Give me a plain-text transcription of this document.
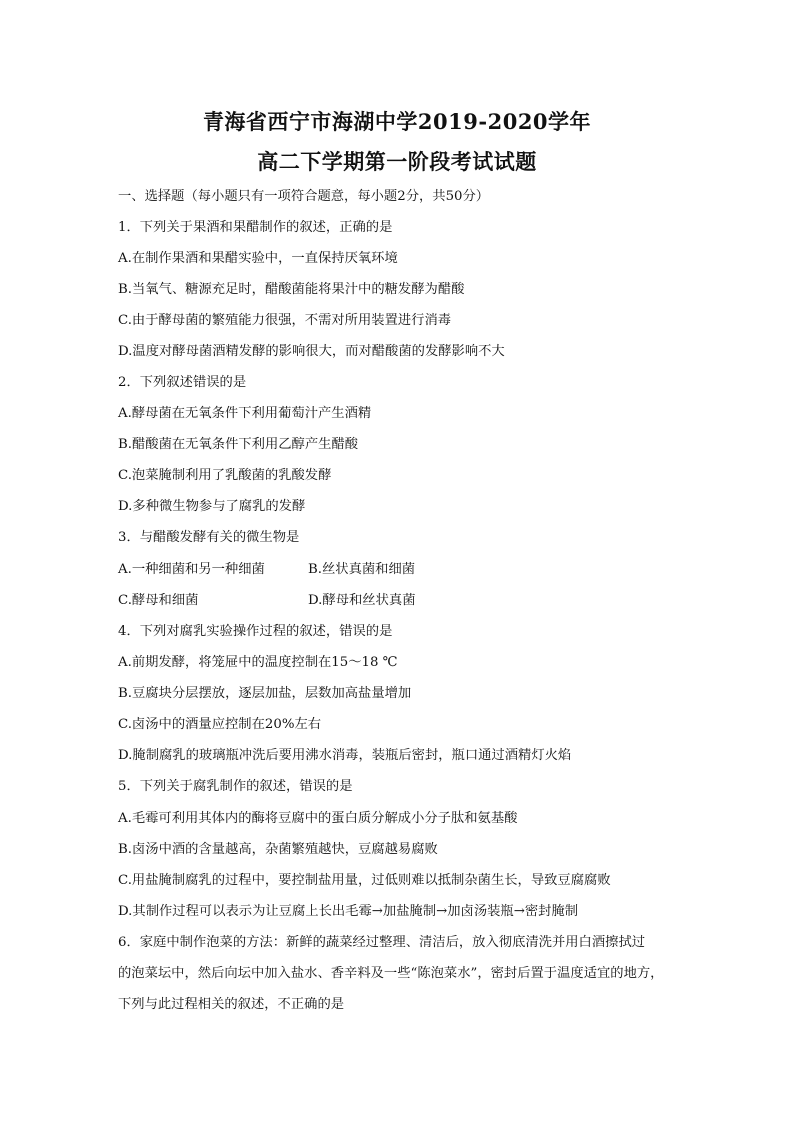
青海省西宁市海湖中学2019-2020学年
高二下学期第一阶段考试试题
一、选择题（每小题只有一项符合题意，每小题2分，共50分）
1．下列关于果酒和果醋制作的叙述，正确的是
A.在制作果酒和果醋实验中，一直保持厌氧环境
B.当氧气、糖源充足时，醋酸菌能将果汁中的糖发酵为醋酸
C.由于酵母菌的繁殖能力很强，不需对所用装置进行消毒
D.温度对酵母菌酒精发酵的影响很大，而对醋酸菌的发酵影响不大
2．下列叙述错误的是
A.酵母菌在无氧条件下利用葡萄汁产生酒精
B.醋酸菌在无氧条件下利用乙醇产生醋酸
C.泡菜腌制利用了乳酸菌的乳酸发酵
D.多种微生物参与了腐乳的发酵
3．与醋酸发酵有关的微生物是
A.一种细菌和另一种细菌	B.丝状真菌和细菌
C.酵母和细菌	D.酵母和丝状真菌
4．下列对腐乳实验操作过程的叙述，错误的是
A.前期发酵，将笼屉中的温度控制在15～18 ℃
B.豆腐块分层摆放，逐层加盐，层数加高盐量增加
C.卤汤中的酒量应控制在20%左右
D.腌制腐乳的玻璃瓶冲洗后要用沸水消毒，装瓶后密封，瓶口通过酒精灯火焰
5．下列关于腐乳制作的叙述，错误的是
A.毛霉可利用其体内的酶将豆腐中的蛋白质分解成小分子肽和氨基酸
B.卤汤中酒的含量越高，杂菌繁殖越快，豆腐越易腐败
C.用盐腌制腐乳的过程中，要控制盐用量，过低则难以抵制杂菌生长，导致豆腐腐败
D.其制作过程可以表示为让豆腐上长出毛霉→加盐腌制→加卤汤装瓶→密封腌制
6．家庭中制作泡菜的方法：新鲜的蔬菜经过整理、清洁后，放入彻底清洗并用白酒擦拭过
的泡菜坛中，然后向坛中加入盐水、香辛料及一些“陈泡菜水”，密封后置于温度适宜的地方，
下列与此过程相关的叙述，不正确的是
